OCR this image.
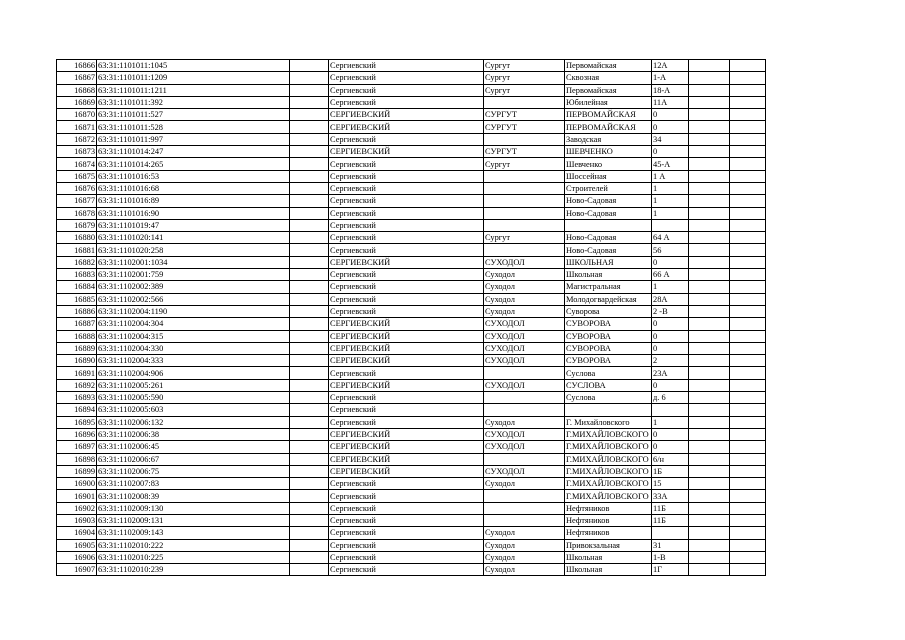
16866	63:31:1101011:1045		Сергиевский	Сургут	Первомайская	12А		
16867	63:31:1101011:1209		Сергиевский	Сургут	Сквозная	1-А		
16868	63:31:1101011:1211		Сергиевский	Сургут	Первомайская	18-А		
16869	63:31:1101011:392		Сергиевский		Юбилейная	11А		
16870	63:31:1101011:527		СЕРГИЕВСКИЙ	СУРГУТ	ПЕРВОМАЙСКАЯ	0		
16871	63:31:1101011:528		СЕРГИЕВСКИЙ	СУРГУТ	ПЕРВОМАЙСКАЯ	0		
16872	63:31:1101011:997		Сергиевский		Заводская	34		
16873	63:31:1101014:247		СЕРГИЕВСКИЙ	СУРГУТ	ШЕВЧЕНКО	0		
16874	63:31:1101014:265		Сергиевский	Сургут	Шевченко	45-А		
16875	63:31:1101016:53		Сергиевский		Шоссейная	1 А		
16876	63:31:1101016:68		Сергиевский		Строителей	1		
16877	63:31:1101016:89		Сергиевский		Ново-Садовая	1		
16878	63:31:1101016:90		Сергиевский		Ново-Садовая	1		
16879	63:31:1101019:47		Сергиевский					
16880	63:31:1101020:141		Сергиевский	Сургут	Ново-Садовая	64 А		
16881	63:31:1101020:258		Сергиевский		Ново-Садовая	56		
16882	63:31:1102001:1034		СЕРГИЕВСКИЙ	СУХОДОЛ	ШКОЛЬНАЯ	0		
16883	63:31:1102001:759		Сергиевский	Суходол	Школьная	66 А		
16884	63:31:1102002:389		Сергиевский	Суходол	Магистральная	1		
16885	63:31:1102002:566		Сергиевский	Суходол	Молодогвардейская	28А		
16886	63:31:1102004:1190		Сергиевский	Суходол	Суворова	2 -В		
16887	63:31:1102004:304		СЕРГИЕВСКИЙ	СУХОДОЛ	СУВОРОВА	0		
16888	63:31:1102004:315		СЕРГИЕВСКИЙ	СУХОДОЛ	СУВОРОВА	0		
16889	63:31:1102004:330		СЕРГИЕВСКИЙ	СУХОДОЛ	СУВОРОВА	0		
16890	63:31:1102004:333		СЕРГИЕВСКИЙ	СУХОДОЛ	СУВОРОВА	2		
16891	63:31:1102004:906		Сергиевский		Суслова	23А		
16892	63:31:1102005:261		СЕРГИЕВСКИЙ	СУХОДОЛ	СУСЛОВА	0		
16893	63:31:1102005:590		Сергиевский		Суслова	д. 6		
16894	63:31:1102005:603		Сергиевский					
16895	63:31:1102006:132		Сергиевский	Суходол	Г. Михайловского	1		
16896	63:31:1102006:38		СЕРГИЕВСКИЙ	СУХОДОЛ	Г.МИХАЙЛОВСКОГО	0		
16897	63:31:1102006:45		СЕРГИЕВСКИЙ	СУХОДОЛ	Г.МИХАЙЛОВСКОГО	0		
16898	63:31:1102006:67		СЕРГИЕВСКИЙ		Г.МИХАЙЛОВСКОГО	6/н		
16899	63:31:1102006:75		СЕРГИЕВСКИЙ	СУХОДОЛ	Г.МИХАЙЛОВСКОГО	1Б		
16900	63:31:1102007:83		Сергиевский	Суходол	Г.МИХАЙЛОВСКОГО	15		
16901	63:31:1102008:39		Сергиевский		Г.МИХАЙЛОВСКОГО	33А		
16902	63:31:1102009:130		Сергиевский		Нефтяников	11Б		
16903	63:31:1102009:131		Сергиевский		Нефтяников	11Б		
16904	63:31:1102009:143		Сергиевский	Суходол	Нефтяников			
16905	63:31:1102010:222		Сергиевский	Суходол	Привокзальная	31		
16906	63:31:1102010:225		Сергиевский	Суходол	Школьная	1-В		
16907	63:31:1102010:239		Сергиевский	Суходол	Школьная	1Г		
